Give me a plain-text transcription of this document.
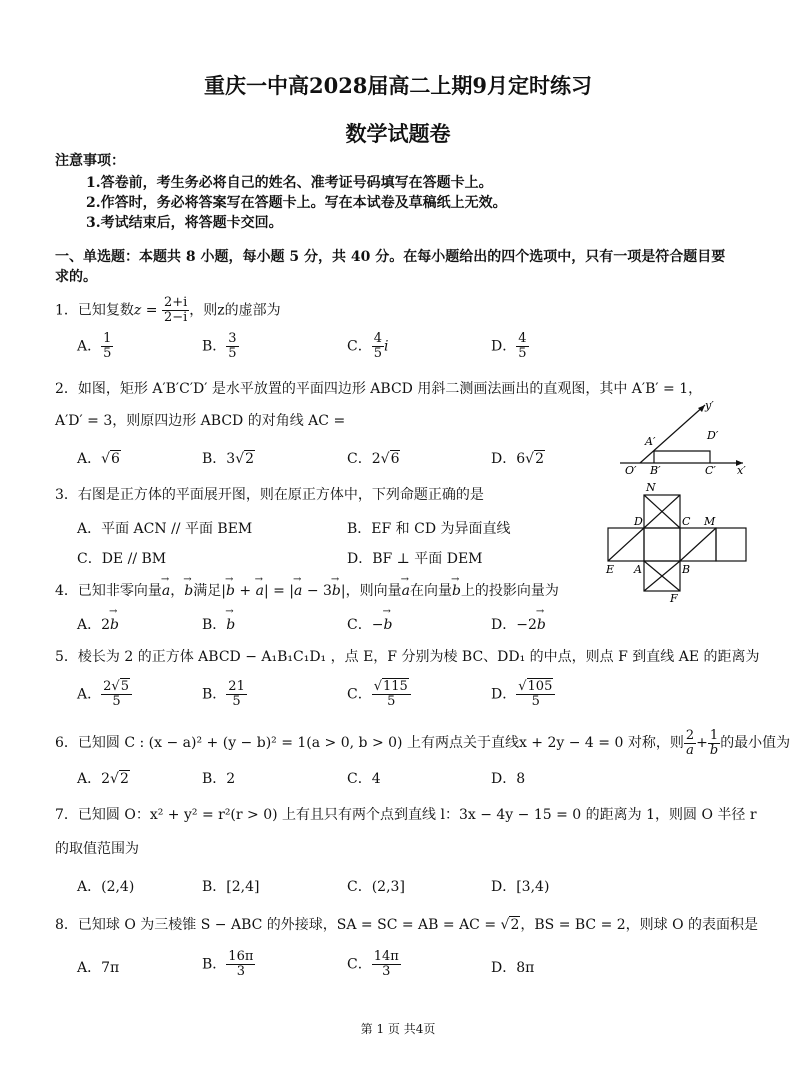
重庆一中高2028届高二上期9月定时练习
数学试题卷
注意事项：
1.答卷前，考生务必将自己的姓名、准考证号码填写在答题卡上。
2.作答时，务必将答案写在答题卡上。写在本试卷及草稿纸上无效。
3.考试结束后，将答题卡交回。
一、单选题：本题共 8 小题，每小题 5 分，共 40 分。在每小题给出的四个选项中，只有一项是符合题目要
求的。
1．已知复数$z = \frac{2+i}{2-i}$ ，则z的虚部为
A． $\frac{1}{5}$	B． $\frac{3}{5}$	C． $\frac{4}{5}$ i	D． $\frac{4}{5}$
2．如图，矩形 A′B′C′D′ 是水平放置的平面四边形 ABCD 用斜二测画法画出的直观图，其中 A′B′ = 1，
A′D′ = 3，则原四边形 ABCD 的对角线 AC =
A．√6	B．3√2	C．2√6	D．6√2
y′
A′	D′
O′ B′	C′ x′
3．右图是正方体的平面展开图，则在原正方体中，下列命题正确的是
A．平面 ACN // 平面 BEM	B．EF 和 CD 为异面直线
C．DE // BM	D．BF ⊥ 平面 DEM
N
D	C M
E A	B
F
4．已知非零向量→ a，→ b满足|→ b + → a| = |→ a − 3→ b|，则向量→ a在向量→ b上的投影向量为
A．2→ b	B．→ b	C．−→ b	D．−2→ b
5．棱长为 2 的正方体 ABCD − A₁B₁C₁D₁ ，点 E，F 分别为棱 BC、DD₁ 的中点，则点 F 到直线 AE 的距离为
A． $\frac{2√5}{5}$	B． $\frac{21}{5}$	C． $\frac{√115}{5}$	D． $\frac{√105}{5}$
6．已知圆 C : (x − a)² + (y − b)² = 1(a > 0, b > 0) 上有两点关于直线x + 2y − 4 = 0 对称，则 $\frac{2}{a} + \frac{1}{b}$ 的最小值为
A．2√2	B．2	C．4	D．8
7．已知圆 O：x² + y² = r²(r > 0) 上有且只有两个点到直线 l：3x − 4y − 15 = 0 的距离为 1，则圆 O 半径 r
的取值范围为
A．(2,4)	B．[2,4]	C．(2,3]	D．[3,4)
8．已知球 O 为三棱锥 S − ABC 的外接球，SA = SC = AB = AC = √2，BS = BC = 2，则球 O 的表面积是
A．7π	B． $\frac{16\pi}{3}$	C． $\frac{14\pi}{3}$	D．8π
第 1 页 共4页
